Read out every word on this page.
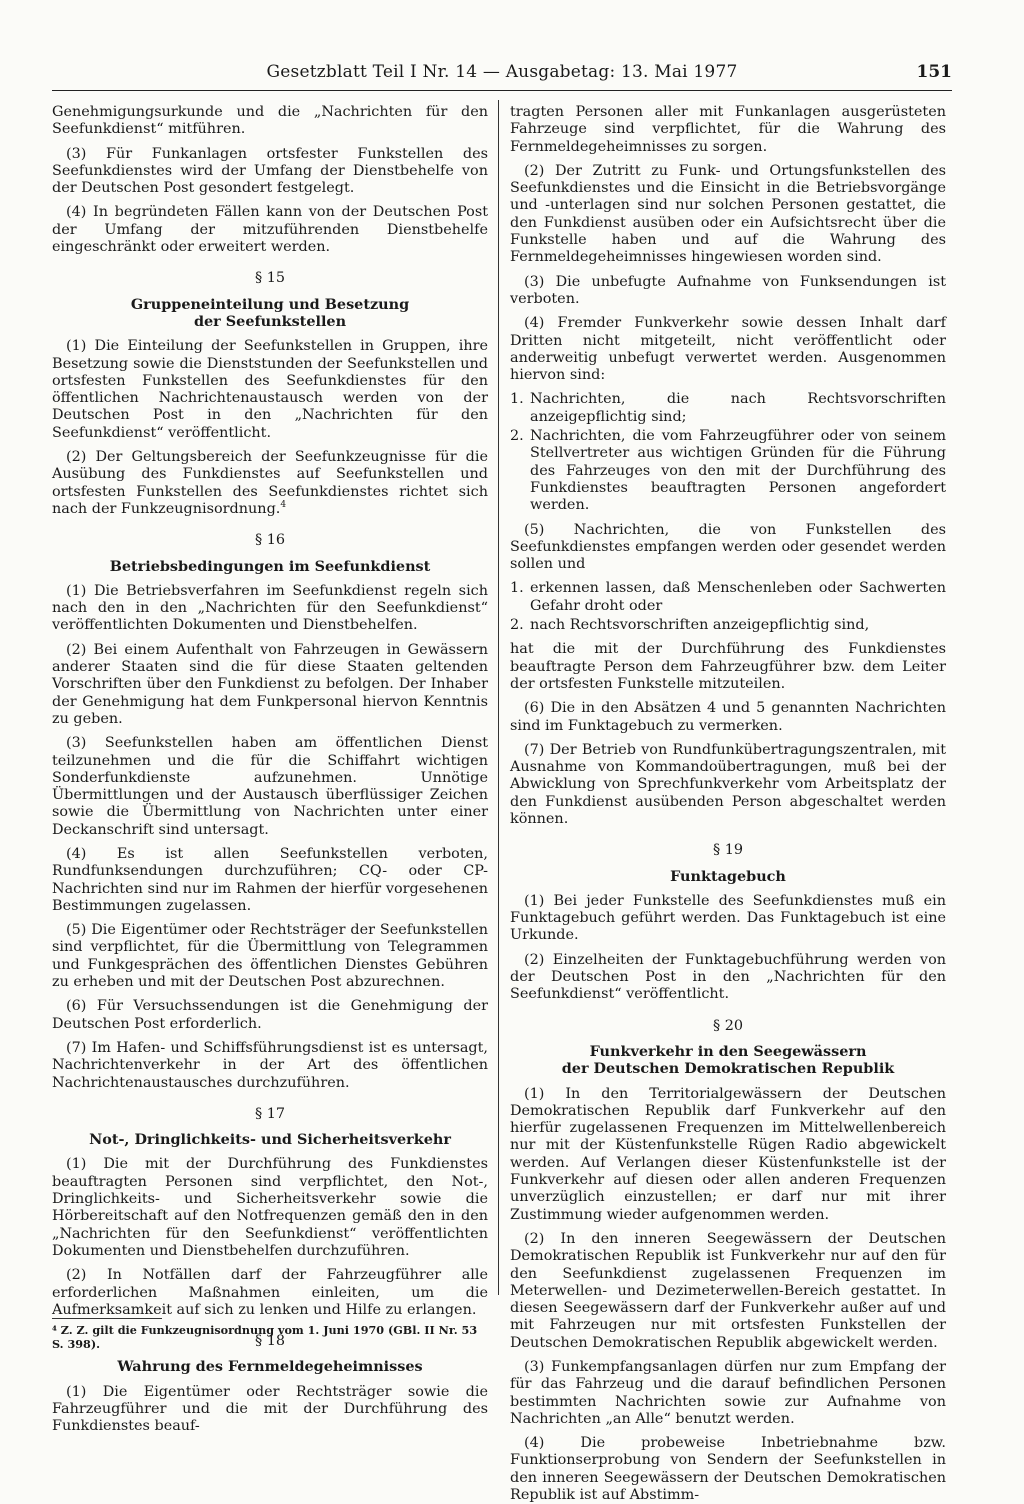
Gesetzblatt Teil I Nr. 14 — Ausgabetag: 13. Mai 1977	151

Genehmigungsurkunde und die „Nachrichten für den Seefunkdienst“ mitführen.

(3) Für Funkanlagen ortsfester Funkstellen des Seefunkdienstes wird der Umfang der Dienstbehelfe von der Deutschen Post gesondert festgelegt.

(4) In begründeten Fällen kann von der Deutschen Post der Umfang der mitzuführenden Dienstbehelfe eingeschränkt oder erweitert werden.

§ 15
Gruppeneinteilung und Besetzung
der Seefunkstellen

(1) Die Einteilung der Seefunkstellen in Gruppen, ihre Besetzung sowie die Dienststunden der Seefunkstellen und ortsfesten Funkstellen des Seefunkdienstes für den öffentlichen Nachrichtenaustausch werden von der Deutschen Post in den „Nachrichten für den Seefunkdienst“ veröffentlicht.

(2) Der Geltungsbereich der Seefunkzeugnisse für die Ausübung des Funkdienstes auf Seefunkstellen und ortsfesten Funkstellen des Seefunkdienstes richtet sich nach der Funkzeugnisordnung.$^4$

§ 16
Betriebsbedingungen im Seefunkdienst

(1) Die Betriebsverfahren im Seefunkdienst regeln sich nach den in den „Nachrichten für den Seefunkdienst“ veröffentlichten Dokumenten und Dienstbehelfen.

(2) Bei einem Aufenthalt von Fahrzeugen in Gewässern anderer Staaten sind die für diese Staaten geltenden Vorschriften über den Funkdienst zu befolgen. Der Inhaber der Genehmigung hat dem Funkpersonal hiervon Kenntnis zu geben.

(3) Seefunkstellen haben am öffentlichen Dienst teilzunehmen und die für die Schiffahrt wichtigen Sonderfunkdienste aufzunehmen. Unnötige Übermittlungen und der Austausch überflüssiger Zeichen sowie die Übermittlung von Nachrichten unter einer Deckanschrift sind untersagt.

(4) Es ist allen Seefunkstellen verboten, Rundfunksendungen durchzuführen; CQ- oder CP-Nachrichten sind nur im Rahmen der hierfür vorgesehenen Bestimmungen zugelassen.

(5) Die Eigentümer oder Rechtsträger der Seefunkstellen sind verpflichtet, für die Übermittlung von Telegrammen und Funkgesprächen des öffentlichen Dienstes Gebühren zu erheben und mit der Deutschen Post abzurechnen.

(6) Für Versuchssendungen ist die Genehmigung der Deutschen Post erforderlich.

(7) Im Hafen- und Schiffsführungsdienst ist es untersagt, Nachrichtenverkehr in der Art des öffentlichen Nachrichtenaustausches durchzuführen.

§ 17
Not-, Dringlichkeits- und Sicherheitsverkehr

(1) Die mit der Durchführung des Funkdienstes beauftragten Personen sind verpflichtet, den Not-, Dringlichkeits- und Sicherheitsverkehr sowie die Hörbereitschaft auf den Notfrequenzen gemäß den in den „Nachrichten für den Seefunkdienst“ veröffentlichten Dokumenten und Dienstbehelfen durchzuführen.

(2) In Notfällen darf der Fahrzeugführer alle erforderlichen Maßnahmen einleiten, um die Aufmerksamkeit auf sich zu lenken und Hilfe zu erlangen.

§ 18
Wahrung des Fernmeldegeheimnisses

(1) Die Eigentümer oder Rechtsträger sowie die Fahrzeugführer und die mit der Durchführung des Funkdienstes beauf-

⁴ Z. Z. gilt die Funkzeugnisordnung vom 1. Juni 1970 (GBl. II Nr. 53 S. 398).

tragten Personen aller mit Funkanlagen ausgerüsteten Fahrzeuge sind verpflichtet, für die Wahrung des Fernmeldegeheimnisses zu sorgen.

(2) Der Zutritt zu Funk- und Ortungsfunkstellen des Seefunkdienstes und die Einsicht in die Betriebsvorgänge und -unterlagen sind nur solchen Personen gestattet, die den Funkdienst ausüben oder ein Aufsichtsrecht über die Funkstelle haben und auf die Wahrung des Fernmeldegeheimnisses hingewiesen worden sind.

(3) Die unbefugte Aufnahme von Funksendungen ist verboten.

(4) Fremder Funkverkehr sowie dessen Inhalt darf Dritten nicht mitgeteilt, nicht veröffentlicht oder anderweitig unbefugt verwertet werden. Ausgenommen hiervon sind:

1. Nachrichten, die nach Rechtsvorschriften anzeigepflichtig sind;
2. Nachrichten, die vom Fahrzeugführer oder von seinem Stellvertreter aus wichtigen Gründen für die Führung des Fahrzeuges von den mit der Durchführung des Funkdienstes beauftragten Personen angefordert werden.

(5) Nachrichten, die von Funkstellen des Seefunkdienstes empfangen werden oder gesendet werden sollen und

1. erkennen lassen, daß Menschenleben oder Sachwerten Gefahr droht oder
2. nach Rechtsvorschriften anzeigepflichtig sind,

hat die mit der Durchführung des Funkdienstes beauftragte Person dem Fahrzeugführer bzw. dem Leiter der ortsfesten Funkstelle mitzuteilen.

(6) Die in den Absätzen 4 und 5 genannten Nachrichten sind im Funktagebuch zu vermerken.

(7) Der Betrieb von Rundfunkübertragungszentralen, mit Ausnahme von Kommandoübertragungen, muß bei der Abwicklung von Sprechfunkverkehr vom Arbeitsplatz der den Funkdienst ausübenden Person abgeschaltet werden können.

§ 19
Funktagebuch

(1) Bei jeder Funkstelle des Seefunkdienstes muß ein Funktagebuch geführt werden. Das Funktagebuch ist eine Urkunde.

(2) Einzelheiten der Funktagebuchführung werden von der Deutschen Post in den „Nachrichten für den Seefunkdienst“ veröffentlicht.

§ 20
Funkverkehr in den Seegewässern
der Deutschen Demokratischen Republik

(1) In den Territorialgewässern der Deutschen Demokratischen Republik darf Funkverkehr auf den hierfür zugelassenen Frequenzen im Mittelwellenbereich nur mit der Küstenfunkstelle Rügen Radio abgewickelt werden. Auf Verlangen dieser Küstenfunkstelle ist der Funkverkehr auf diesen oder allen anderen Frequenzen unverzüglich einzustellen; er darf nur mit ihrer Zustimmung wieder aufgenommen werden.

(2) In den inneren Seegewässern der Deutschen Demokratischen Republik ist Funkverkehr nur auf den für den Seefunkdienst zugelassenen Frequenzen im Meterwellen- und Dezimeterwellen-Bereich gestattet. In diesen Seegewässern darf der Funkverkehr außer auf und mit Fahrzeugen nur mit ortsfesten Funkstellen der Deutschen Demokratischen Republik abgewickelt werden.

(3) Funkempfangsanlagen dürfen nur zum Empfang der für das Fahrzeug und die darauf befindlichen Personen bestimmten Nachrichten sowie zur Aufnahme von Nachrichten „an Alle“ benutzt werden.

(4) Die probeweise Inbetriebnahme bzw. Funktionserprobung von Sendern der Seefunkstellen in den inneren Seegewässern der Deutschen Demokratischen Republik ist auf Abstimm-
